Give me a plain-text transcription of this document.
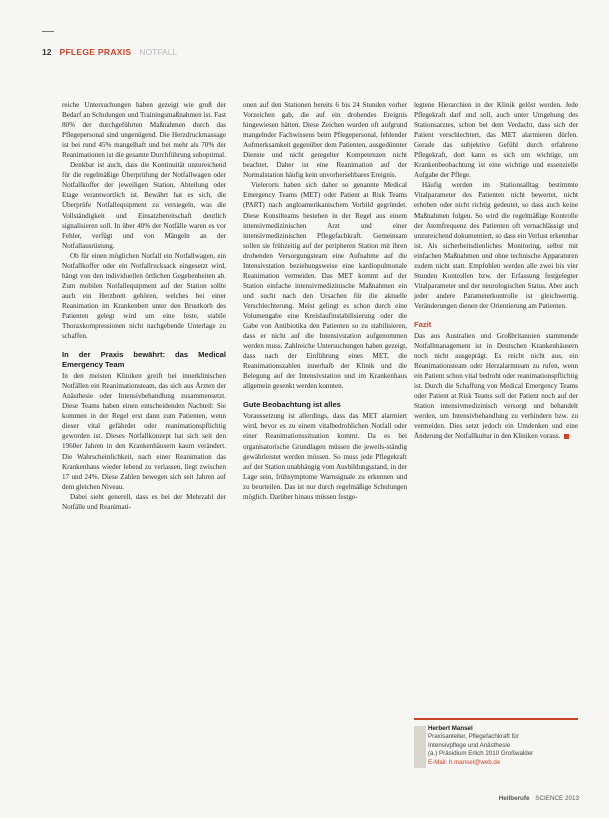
12 PFLEGE PRAXIS NOTFALL

reiche Untersuchungen haben gezeigt wie groß der Bedarf an Schulungen und Trainingsmaßnahmen ist. Fast 80% der durchgeführten Maßnahmen durch das Pflegepersonal sind ungenügend. Die Herzdruckmassage ist bei rund 45% mangelhaft und bei mehr als 70% der Reanimationen ist die gesamte Durchführung suboptimal.

Denkbar ist auch, dass die Kontinuität unzureichend für die regelmäßige Überprüfung der Notfallwagen oder Notfallkoffer der jeweiligen Station, Abteilung oder Etage verantwortlich ist. Bewährt hat es sich, die Überprüfe Notfallequipment zu versiegeln, was die Vollständigkeit und Einsatzbereitschaft deutlich signalisieren soll. In über 40% der Notfälle waren es vor Fehler, verfügt und von Mängeln an der Notfallausrüstung.

Ob für einen möglichen Notfall ein Notfallwagen, ein Notfallkoffer oder ein Notfallrucksack eingesetzt wird, hängt von den individuellen örtlichen Gegebenheiten ab. Zum mobilen Notfallequipment auf der Station sollte auch ein Herzbrett gehören, welches bei einer Reanimation im Krankenbett unter den Brustkorb des Patienten gelegt wird um eine feste, stabile Thoraxkompressionen nicht nachgebende Unterlage zu schaffen.

In der Praxis bewährt: das Medical Emergency Team

In den meisten Kliniken greift bei innerklinischen Notfällen ein Reanimationsteam, das sich aus Ärzten der Anästhesie oder Intensivbehandlung zusammensetzt. Diese Teams haben einen entscheidenden Nachteil: Sie kommen in der Regel erst dann zum Patienten, wenn dieser vital gefährdet oder reanimationspflichtig geworden ist. Dieses Notfallkonzept hat sich seit den 1960er Jahren in den Krankenhäusern kaum verändert. Die Wahrscheinlichkeit, nach einer Reanimation das Krankenhaus wieder lebend zu verlassen, liegt zwischen 17 und 24%. Diese Zahlen bewegen sich seit Jahren auf dem gleichen Niveau.

Dabei sieht generell, dass es bei der Mehrzahl der Notfälle und Reanimati-

onen auf den Stationen bereits 6 bis 24 Stunden vorher Vorzeichen gab, die auf ein drohendes Ereignis hingewiesen hätten. Diese Zeichen wurden oft aufgrund mangelnder Fachwissens beim Pflegepersonal, fehlender Aufmerksamkeit gegenüber dem Patienten, ausgedünnter Dienste und nicht geregelter Kompetenzen nicht beachtet. Daher ist eine Reanimation auf der Normalstation häufig kein unvorhersehbares Ereignis.

Vielerorts haben sich daher so genannte Medical Emergency Teams (MET) oder Patient at Risk Teams (PART) nach angloamerikanischem Vorbild gegründet. Diese Konsilteams bestehen in der Regel aus einem intensivmedizinischen Arzt und einer intensivmedizinischen Pflegefachkraft. Gemeinsam sollen sie frühzeitig auf der peripheren Station mit ihren drohenden Versorgungsteam eine Aufnahme auf die Intensivstation beziehungsweise eine kardiopulmonale Reanimation vermeiden. Das MET kommt auf der Station einfache intensivmedizinische Maßnahmen ein und sucht nach den Ursachen für die aktuelle Verschlechterung. Meist gelingt es schon durch eine Volumengabe eine Kreislaufinstabilisierung oder die Gabe von Antibiotika den Patienten so zu stabilisieren, dass er nicht auf die Intensivstation aufgenommen werden muss. Zahlreiche Untersuchungen haben gezeigt, dass nach der Einführung eines MET, die Reanimationszahlen innerhalb der Klinik und die Belegung auf der Intensivstation und im Krankenhaus allgemein gesenkt werden konnten.

Gute Beobachtung ist alles

Voraussetzung ist allerdings, dass das MET alarmiert wird, bevor es zu einem vitalbedrohlichen Notfall oder einer Reanimationssituation kommt. Da es bei organisatorische Grundlagen müssen die jeweils-ständig gewährleistet werden müssen. So muss jede Pflegekraft auf der Station unabhängig vom Ausbildungsstand, in der Lage sein, frühsymptome Warnsignale zu erkennen und zu beurteilen. Das ist nur durch regelmäßige Schulungen möglich. Darüber hinaus müssen festge-

legtene Hierarchien in der Klinik gelöst werden. Jede Pflegekraft darf und soll, auch unter Umgehung des Stationsarztes, schon bei dem Verdacht, dass sich der Patient verschlechtert, das MET alarmieren dürfen. Gerade das subjektive Gefühl durch erfahrene Pflegekraft, dort kann es sich um wichtige, um Krankenbeobachtung ist eine wichtige und essenzielle Aufgabe der Pflege.

Häufig werden im Stationsalltag bestimmte Vitalparameter des Patienten nicht bewertet, nicht erhoben oder nicht richtig gedeutet, so dass auch keine Maßnahmen folgen. So wird die regelmäßige Kontrolle der Atemfrequenz des Patienten oft vernachlässigt und unzureichend dokumentiert, so dass ein Verlust erkennbar ist. Als sicherheitsdienliches Monitoring, selbst mit einfachen Maßnahmen und ohne technische Apparaturen zudem nicht statt. Empfohlen werden alle zwei bis vier Stunden Kontrollen bzw. der Erfassung festgelegter Vitalparameter und der neurologischen Status. Aber auch jeder andere Parameterkontrolle ist gleichwertig. Veränderungen dienen der Orientierung am Patienten.

Fazit

Das aus Australien und Großbritannien stammende Notfallmanagement ist in Deutschen Krankenhäusern noch nicht ausgeprägt. Es reicht nicht aus, ein Reanimationsteam oder Herzalarmteam zu rufen, wenn ein Patient schon vital bedroht oder reanimationspflichtig ist. Durch die Schaffung von Medical Emergency Teams oder Patient at Risk Teams soll der Patient noch auf der Station intensivmedizinisch versorgt und behandelt werden, um Intensivbehandlung zu verhindern bzw. zu vermeiden. Dies setzt jedoch ein Umdenken und eine Änderung der Notfallkultur in den Kliniken voraus.

Herbert Mansel
Praxisanleiter, Pflegefachkraft für
Intensivpflege und Anästhesie
(a.) Präsidium Erlich 2010 Großwalder
E-Mail: h.mansel@web.de
Heilberufe SCIENCE 2013
